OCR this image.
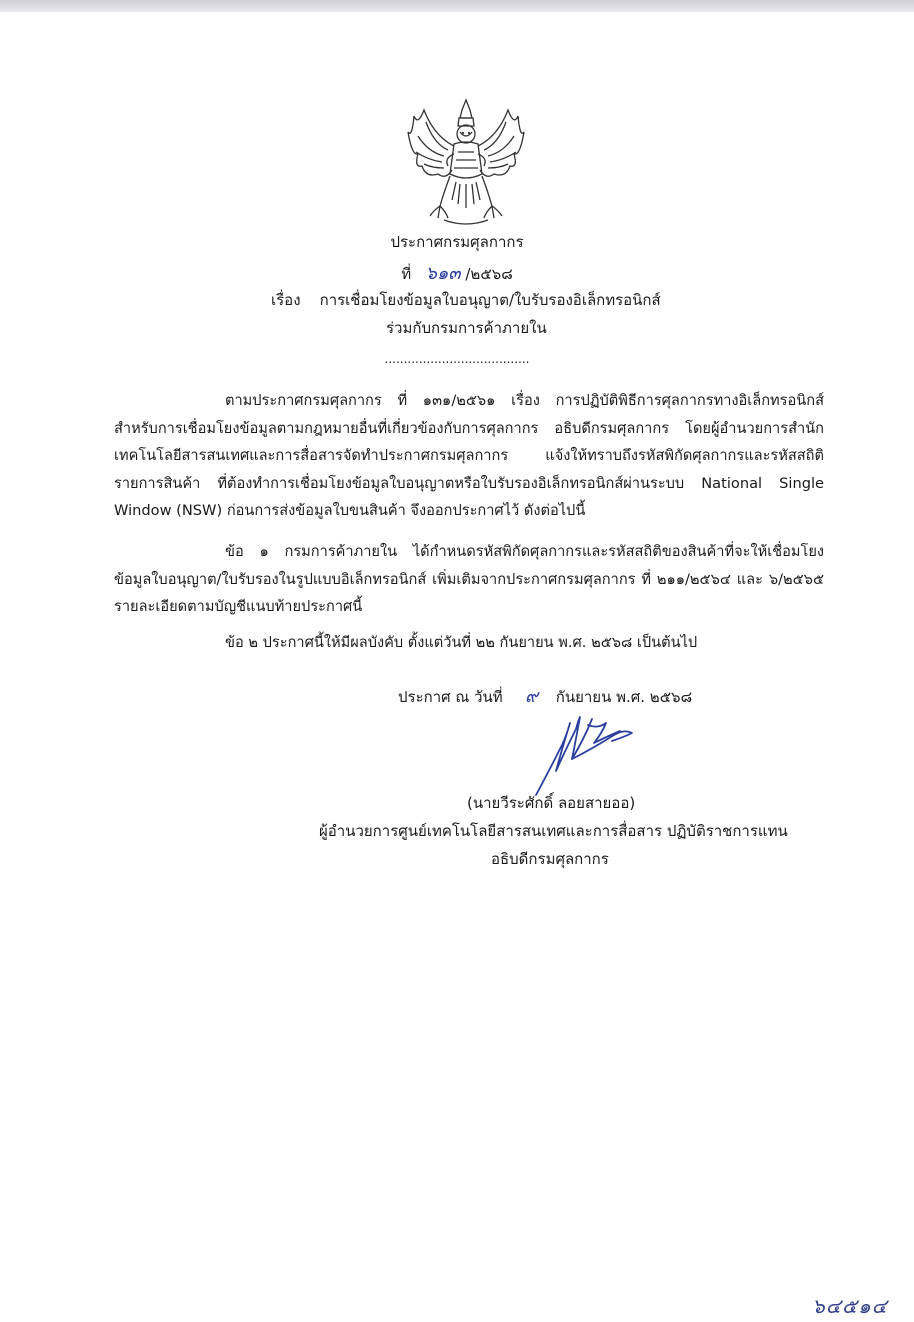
ประกาศกรมศุลกากร
ที่ ๖๑๓ /๒๕๖๘
เรื่อง การเชื่อมโยงข้อมูลใบอนุญาต/ใบรับรองอิเล็กทรอนิกส์
ร่วมกับกรมการค้าภายใน
......................................
ตามประกาศกรมศุลกากร ที่ ๑๓๑/๒๕๖๑ เรื่อง การปฏิบัติพิธีการศุลกากรทางอิเล็กทรอนิกส์ สำหรับการเชื่อมโยงข้อมูลตามกฎหมายอื่นที่เกี่ยวข้องกับการศุลกากร อธิบดีกรมศุลกากร โดยผู้อำนวยการสำนักเทคโนโลยีสารสนเทศและการสื่อสารจัดทำประกาศกรมศุลกากร แจ้งให้ทราบถึงรหัสพิกัดศุลกากรและรหัสสถิติ รายการสินค้า ที่ต้องทำการเชื่อมโยงข้อมูลใบอนุญาตหรือใบรับรองอิเล็กทรอนิกส์ผ่านระบบ National Single Window (NSW) ก่อนการส่งข้อมูลใบขนสินค้า จึงออกประกาศไว้ ดังต่อไปนี้
ข้อ ๑ กรมการค้าภายใน ได้กำหนดรหัสพิกัดศุลกากรและรหัสสถิติของสินค้าที่จะให้เชื่อมโยงข้อมูลใบอนุญาต/ใบรับรองในรูปแบบอิเล็กทรอนิกส์ เพิ่มเติมจากประกาศกรมศุลกากร ที่ ๒๑๑/๒๕๖๔ และ ๖/๒๕๖๕ รายละเอียดตามบัญชีแนบท้ายประกาศนี้
ข้อ ๒ ประกาศนี้ให้มีผลบังคับ ตั้งแต่วันที่ ๒๒ กันยายน พ.ศ. ๒๕๖๘ เป็นต้นไป
ประกาศ ณ วันที่ ๙ กันยายน พ.ศ. ๒๕๖๘
(นายวีระศักดิ์ ลอยสายออ)
ผู้อำนวยการศูนย์เทคโนโลยีสารสนเทศและการสื่อสาร ปฏิบัติราชการแทน
อธิบดีกรมศุลกากร
๖๔๕๑๔
